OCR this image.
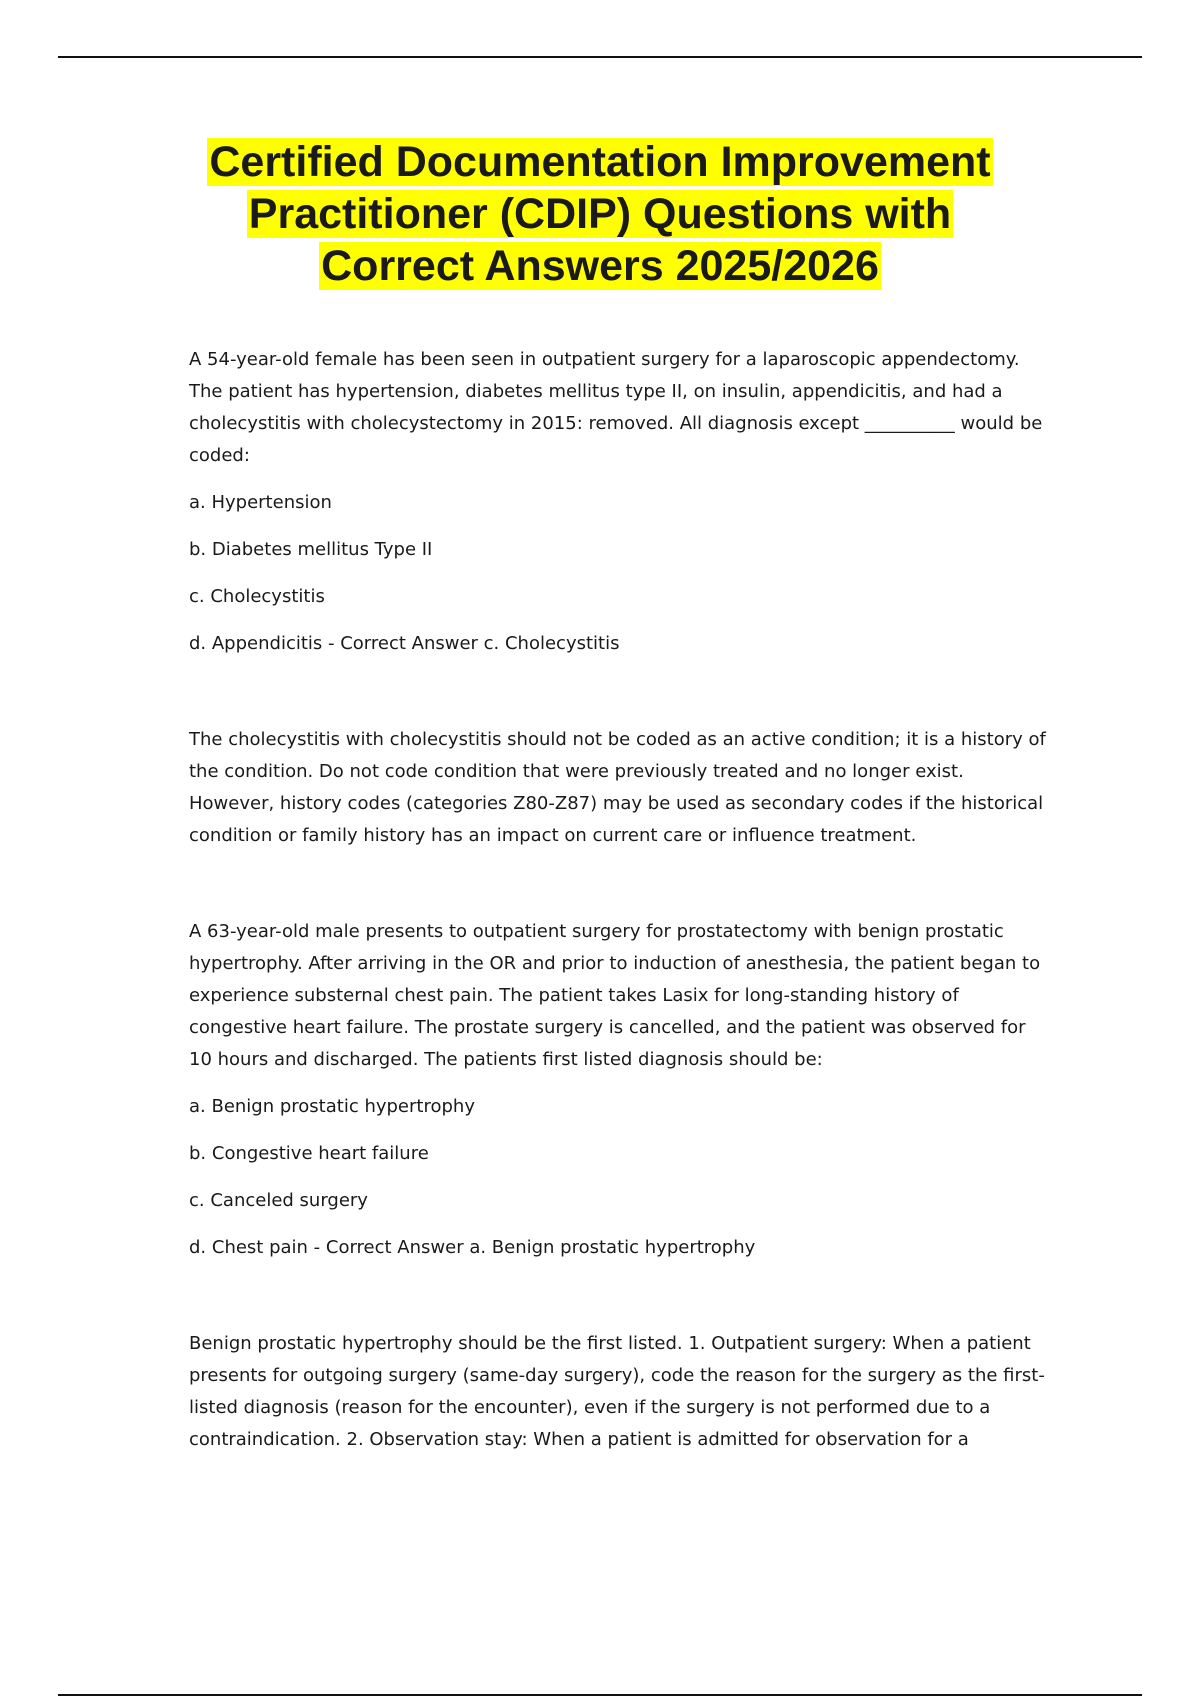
Certified Documentation Improvement Practitioner (CDIP) Questions with Correct Answers 2025/2026

A 54-year-old female has been seen in outpatient surgery for a laparoscopic appendectomy. The patient has hypertension, diabetes mellitus type II, on insulin, appendicitis, and had a cholecystitis with cholecystectomy in 2015: removed. All diagnosis except __________ would be coded:

a. Hypertension

b. Diabetes mellitus Type II

c. Cholecystitis

d. Appendicitis - Correct Answer c. Cholecystitis

The cholecystitis with cholecystitis should not be coded as an active condition; it is a history of the condition. Do not code condition that were previously treated and no longer exist. However, history codes (categories Z80-Z87) may be used as secondary codes if the historical condition or family history has an impact on current care or influence treatment.

A 63-year-old male presents to outpatient surgery for prostatectomy with benign prostatic hypertrophy. After arriving in the OR and prior to induction of anesthesia, the patient began to experience substernal chest pain. The patient takes Lasix for long-standing history of congestive heart failure. The prostate surgery is cancelled, and the patient was observed for 10 hours and discharged. The patients first listed diagnosis should be:

a. Benign prostatic hypertrophy

b. Congestive heart failure

c. Canceled surgery

d. Chest pain - Correct Answer a. Benign prostatic hypertrophy

Benign prostatic hypertrophy should be the first listed. 1. Outpatient surgery: When a patient presents for outgoing surgery (same-day surgery), code the reason for the surgery as the first-listed diagnosis (reason for the encounter), even if the surgery is not performed due to a contraindication. 2. Observation stay: When a patient is admitted for observation for a
